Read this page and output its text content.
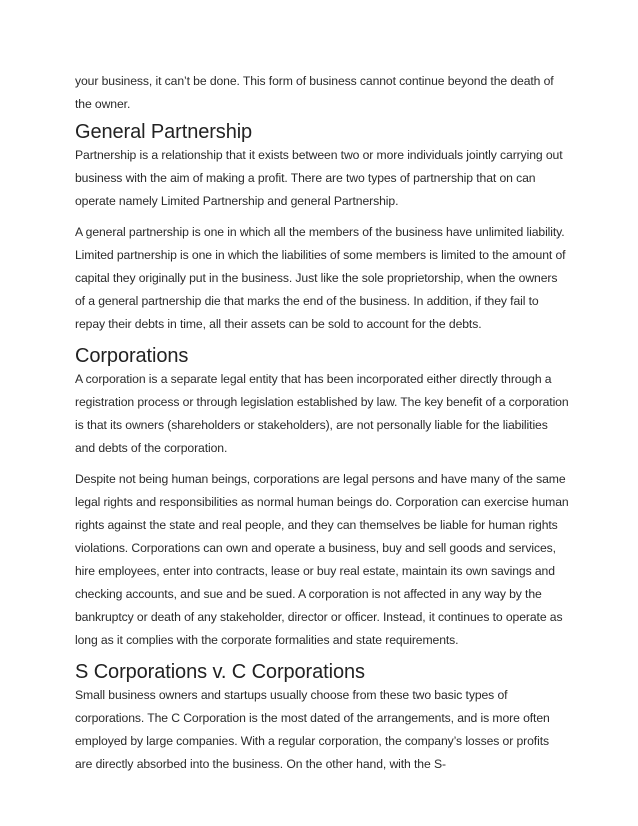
your business, it can’t be done. This form of business cannot continue beyond the death of the owner.

General Partnership

Partnership is a relationship that it exists between two or more individuals jointly carrying out business with the aim of making a profit. There are two types of partnership that on can operate namely Limited Partnership and general Partnership.

A general partnership is one in which all the members of the business have unlimited liability. Limited partnership is one in which the liabilities of some members is limited to the amount of capital they originally put in the business. Just like the sole proprietorship, when the owners of a general partnership die that marks the end of the business. In addition, if they fail to repay their debts in time, all their assets can be sold to account for the debts.

Corporations

A corporation is a separate legal entity that has been incorporated either directly through a registration process or through legislation established by law. The key benefit of a corporation is that its owners (shareholders or stakeholders), are not personally liable for the liabilities and debts of the corporation.

Despite not being human beings, corporations are legal persons and have many of the same legal rights and responsibilities as normal human beings do. Corporation can exercise human rights against the state and real people, and they can themselves be liable for human rights violations. Corporations can own and operate a business, buy and sell goods and services, hire employees, enter into contracts, lease or buy real estate, maintain its own savings and checking accounts, and sue and be sued. A corporation is not affected in any way by the bankruptcy or death of any stakeholder, director or officer. Instead, it continues to operate as long as it complies with the corporate formalities and state requirements.

S Corporations v. C Corporations

Small business owners and startups usually choose from these two basic types of corporations. The C Corporation is the most dated of the arrangements, and is more often employed by large companies. With a regular corporation, the company’s losses or profits are directly absorbed into the business. On the other hand, with the S-
